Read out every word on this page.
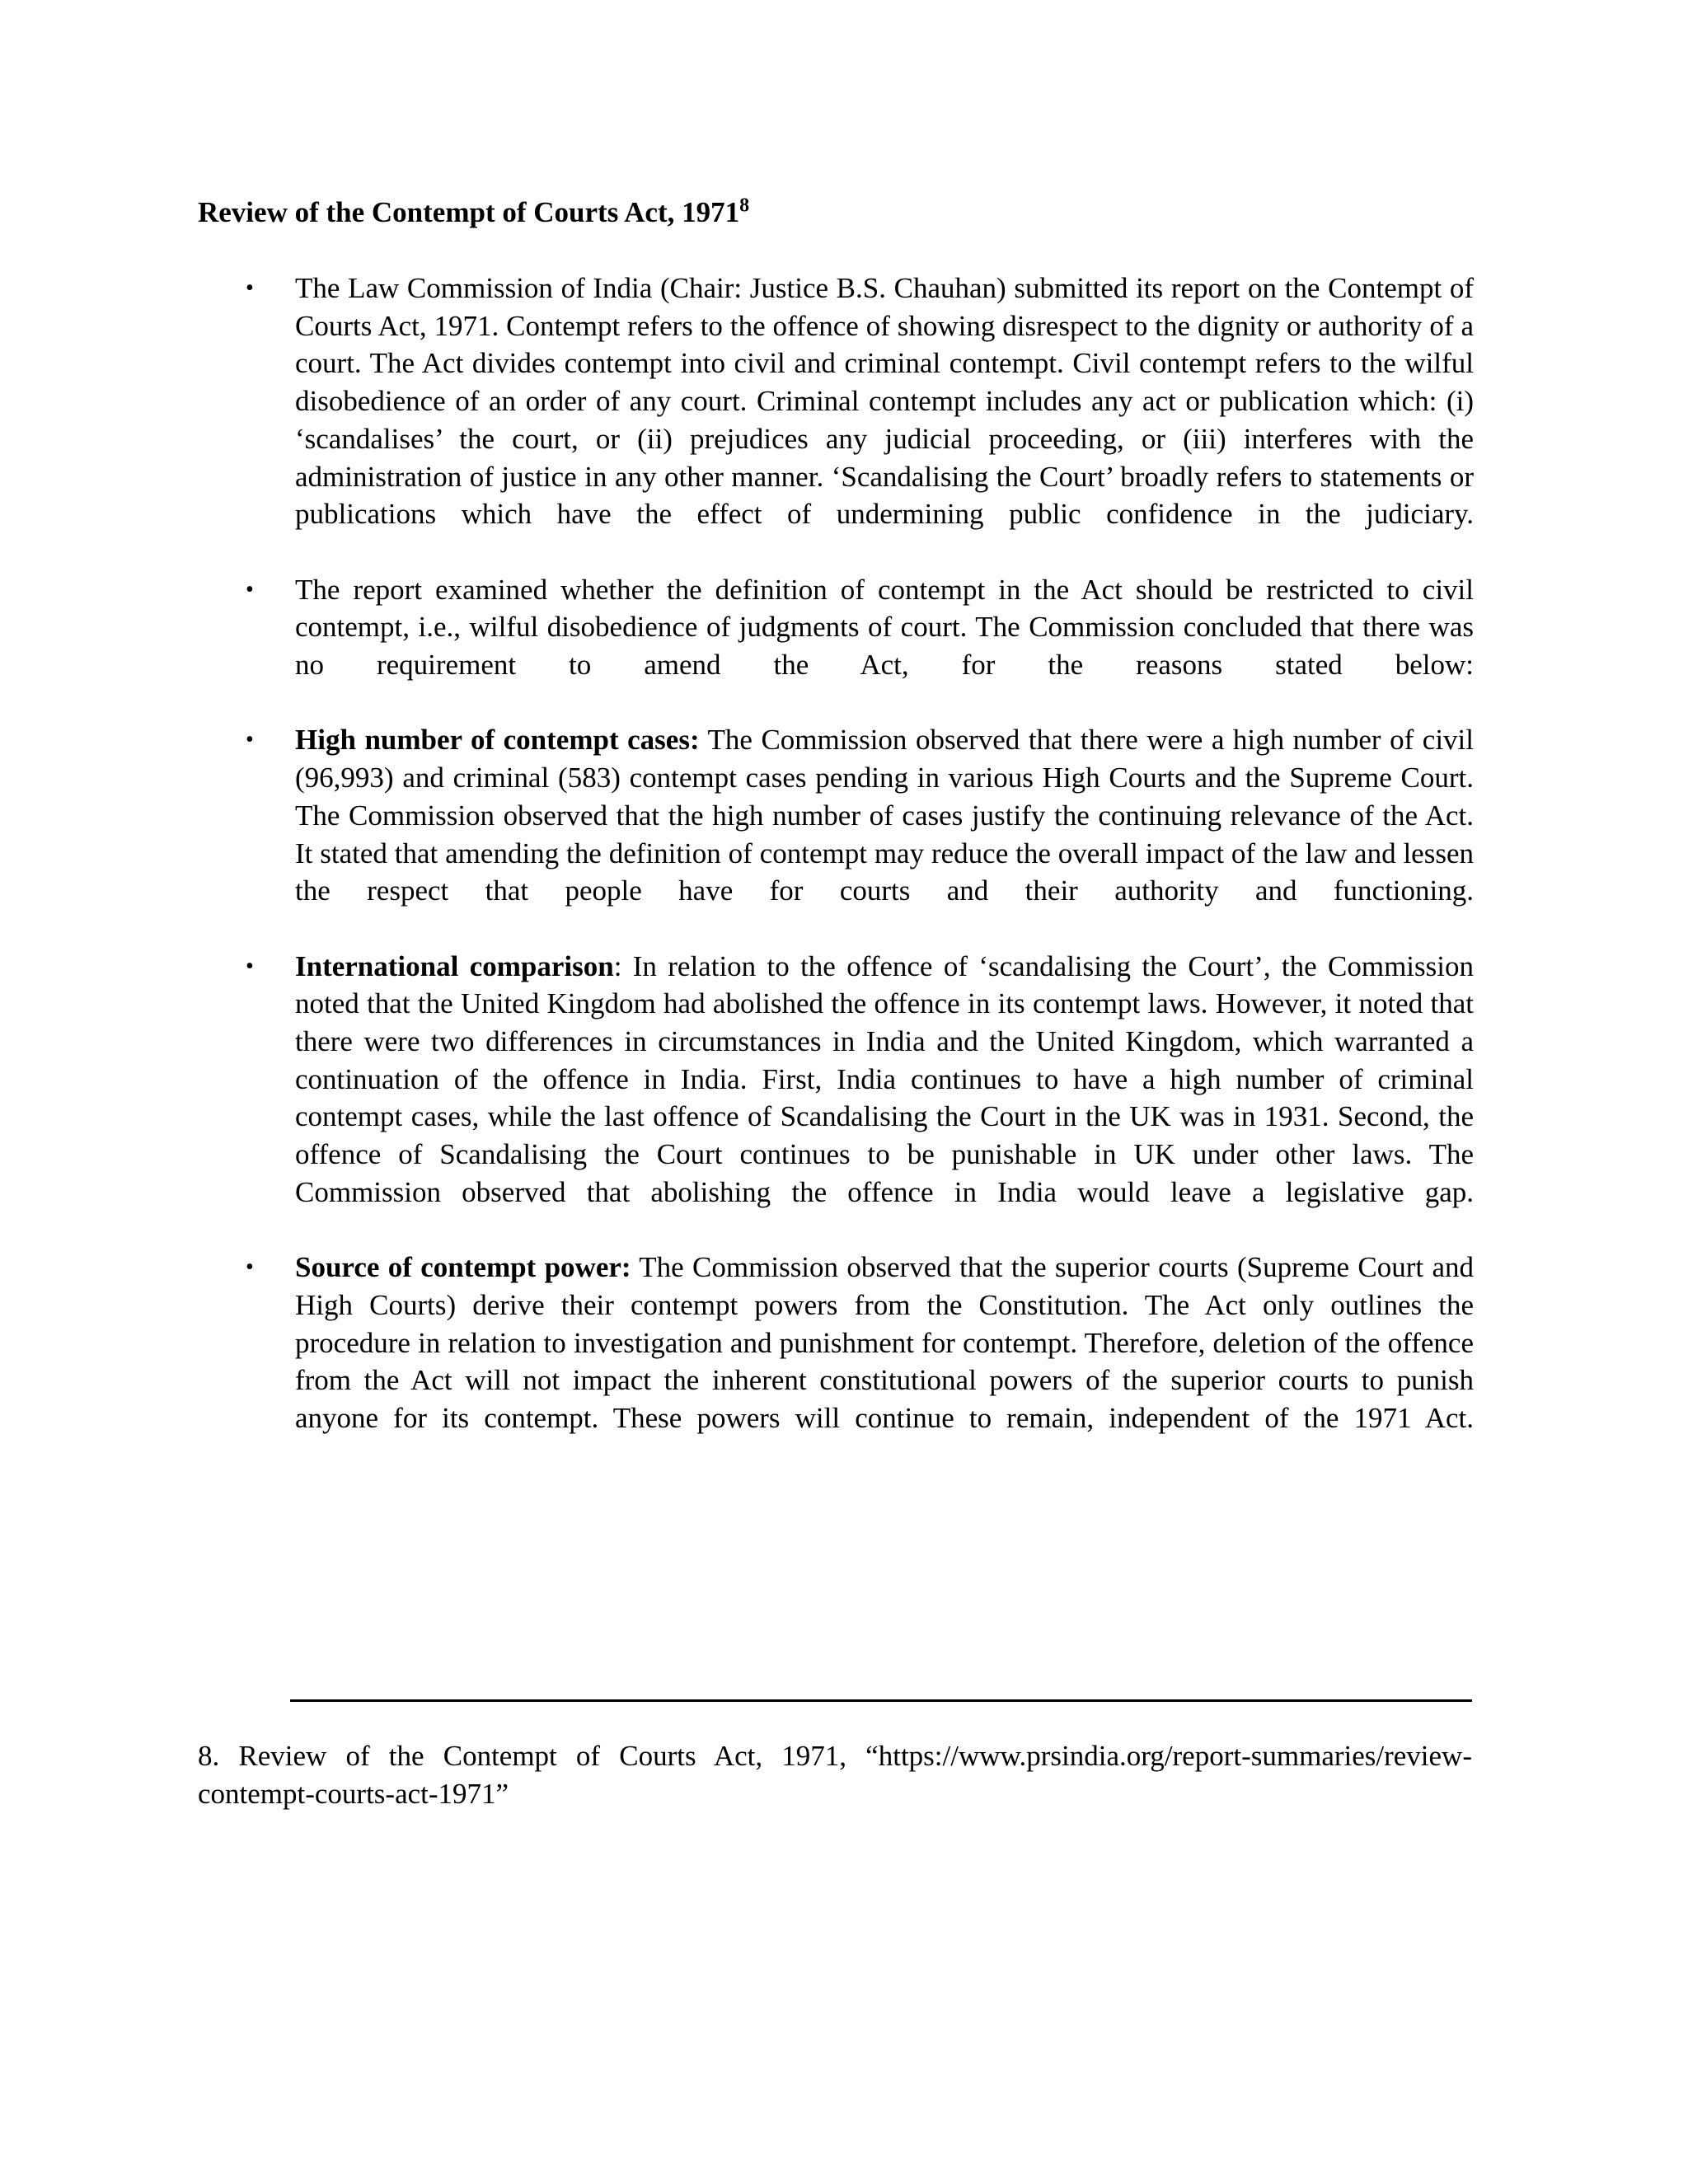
Review of the Contempt of Courts Act, 1971$^8$
• The Law Commission of India (Chair: Justice B.S. Chauhan) submitted its report on the Contempt of Courts Act, 1971. Contempt refers to the offence of showing disrespect to the dignity or authority of a court. The Act divides contempt into civil and criminal contempt. Civil contempt refers to the wilful disobedience of an order of any court. Criminal contempt includes any act or publication which: (i) ‘scandalises’ the court, or (ii) prejudices any judicial proceeding, or (iii) interferes with the administration of justice in any other manner. ‘Scandalising the Court’ broadly refers to statements or publications which have the effect of undermining public confidence in the judiciary.
• The report examined whether the definition of contempt in the Act should be restricted to civil contempt, i.e., wilful disobedience of judgments of court. The Commission concluded that there was no requirement to amend the Act, for the reasons stated below:
• High number of contempt cases: The Commission observed that there were a high number of civil (96,993) and criminal (583) contempt cases pending in various High Courts and the Supreme Court. The Commission observed that the high number of cases justify the continuing relevance of the Act. It stated that amending the definition of contempt may reduce the overall impact of the law and lessen the respect that people have for courts and their authority and functioning.
• International comparison: In relation to the offence of ‘scandalising the Court’, the Commission noted that the United Kingdom had abolished the offence in its contempt laws. However, it noted that there were two differences in circumstances in India and the United Kingdom, which warranted a continuation of the offence in India. First, India continues to have a high number of criminal contempt cases, while the last offence of Scandalising the Court in the UK was in 1931. Second, the offence of Scandalising the Court continues to be punishable in UK under other laws. The Commission observed that abolishing the offence in India would leave a legislative gap.
• Source of contempt power: The Commission observed that the superior courts (Supreme Court and High Courts) derive their contempt powers from the Constitution. The Act only outlines the procedure in relation to investigation and punishment for contempt. Therefore, deletion of the offence from the Act will not impact the inherent constitutional powers of the superior courts to punish anyone for its contempt. These powers will continue to remain, independent of the 1971 Act.

8. Review of the Contempt of Courts Act, 1971, “https://www.prsindia.org/report-summaries/review-contempt-courts-act-1971”
